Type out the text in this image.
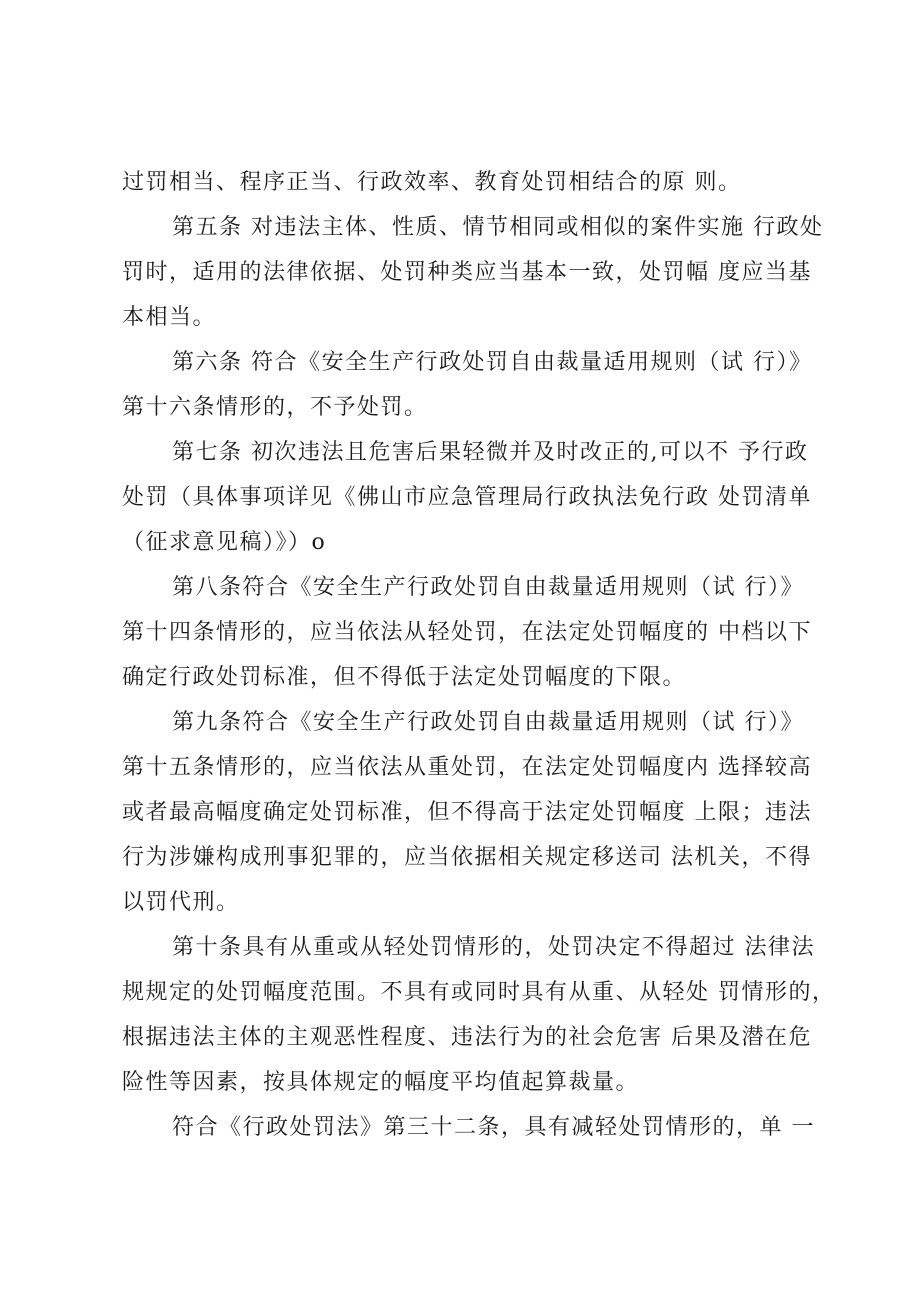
过罚相当、程序正当、行政效率、教育处罚相结合的原 则。
第五条 对违法主体、性质、情节相同或相似的案件实施 行政处
罚时，适用的法律依据、处罚种类应当基本一致，处罚幅 度应当基
本相当。
第六条 符合《安全生产行政处罚自由裁量适用规则（试 行）》
第十六条情形的，不予处罚。
第七条 初次违法且危害后果轻微并及时改正的,可以不 予行政
处罚（具体事项详见《佛山市应急管理局行政执法免行政 处罚清单
（征求意见稿）》）o
第八条符合《安全生产行政处罚自由裁量适用规则（试 行）》
第十四条情形的，应当依法从轻处罚，在法定处罚幅度的 中档以下
确定行政处罚标准，但不得低于法定处罚幅度的下限。
第九条符合《安全生产行政处罚自由裁量适用规则（试 行）》
第十五条情形的，应当依法从重处罚，在法定处罚幅度内 选择较高
或者最高幅度确定处罚标准，但不得高于法定处罚幅度 上限；违法
行为涉嫌构成刑事犯罪的，应当依据相关规定移送司 法机关，不得
以罚代刑。
第十条具有从重或从轻处罚情形的，处罚决定不得超过 法律法
规规定的处罚幅度范围。不具有或同时具有从重、从轻处 罚情形的，
根据违法主体的主观恶性程度、违法行为的社会危害 后果及潜在危
险性等因素，按具体规定的幅度平均值起算裁量。
符合《行政处罚法》第三十二条，具有减轻处罚情形的，单 一
